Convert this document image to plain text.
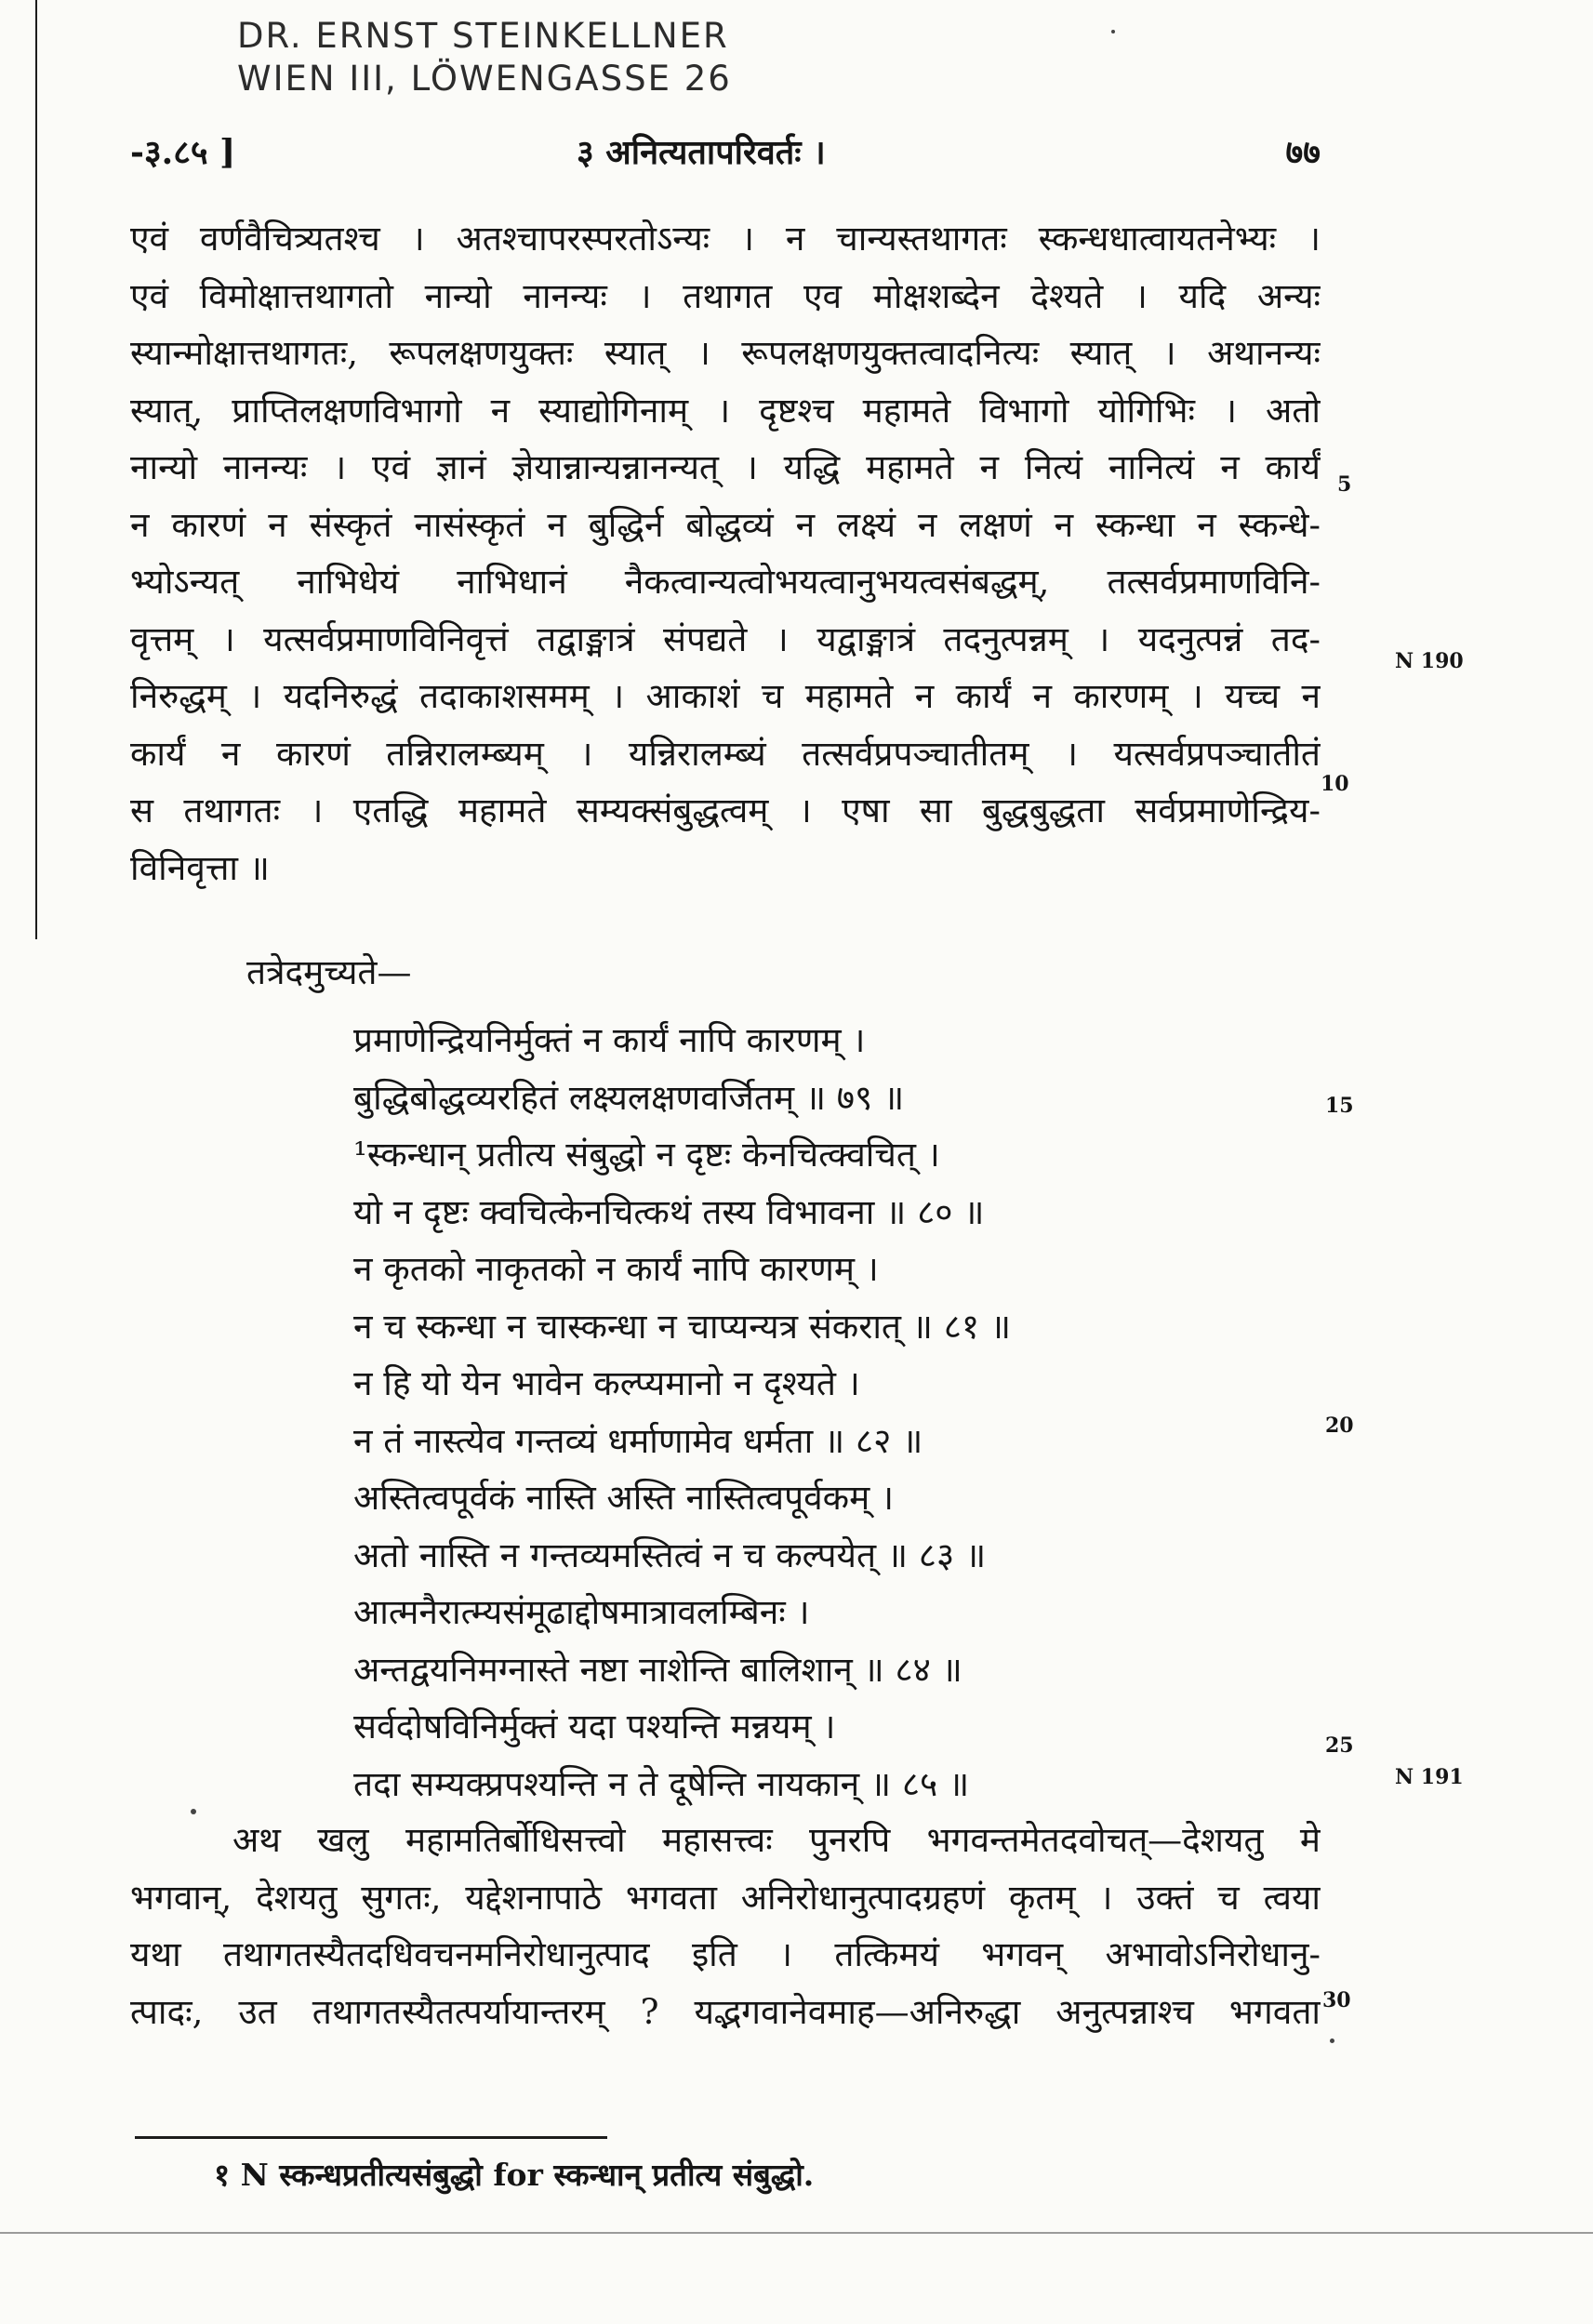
DR. ERNST STEINKELLNER
WIEN III, LÖWENGASSE 26
-३.८५ ]	३ अनित्यतापरिवर्तः ।	७७
एवं वर्णवैचित्र्यतश्च । अतश्चापरस्परतोऽन्यः । न चान्यस्तथागतः स्कन्धधात्वायतनेभ्यः ।
एवं विमोक्षात्तथागतो नान्यो नानन्यः । तथागत एव मोक्षशब्देन देश्यते । यदि अन्यः
स्यान्मोक्षात्तथागतः, रूपलक्षणयुक्तः स्यात् । रूपलक्षणयुक्तत्वादनित्यः स्यात् । अथानन्यः
स्यात्, प्राप्तिलक्षणविभागो न स्याद्योगिनाम् । दृष्टश्च महामते विभागो योगिभिः । अतो
नान्यो नानन्यः । एवं ज्ञानं ज्ञेयान्नान्यन्नानन्यत् । यद्धि महामते न नित्यं नानित्यं न कार्यं
न कारणं न संस्कृतं नासंस्कृतं न बुद्धिर्न बोद्धव्यं न लक्ष्यं न लक्षणं न स्कन्धा न स्कन्धे-
भ्योऽन्यत् नाभिधेयं नाभिधानं नैकत्वान्यत्वोभयत्वानुभयत्वसंबद्धम्, तत्सर्वप्रमाणविनि-
वृत्तम् । यत्सर्वप्रमाणविनिवृत्तं तद्वाङ्मात्रं संपद्यते । यद्वाङ्मात्रं तदनुत्पन्नम् । यदनुत्पन्नं तद-
निरुद्धम् । यदनिरुद्धं तदाकाशसमम् । आकाशं च महामते न कार्यं न कारणम् । यच्च न
कार्यं न कारणं तन्निरालम्ब्यम् । यन्निरालम्ब्यं तत्सर्वप्रपञ्चातीतम् । यत्सर्वप्रपञ्चातीतं
स तथागतः । एतद्धि महामते सम्यक्संबुद्धत्वम् । एषा सा बुद्धबुद्धता सर्वप्रमाणेन्द्रिय-
विनिवृत्ता ॥
तत्रेदमुच्यते—
प्रमाणेन्द्रियनिर्मुक्तं न कार्यं नापि कारणम् ।
बुद्धिबोद्धव्यरहितं लक्ष्यलक्षणवर्जितम् ॥ ७९ ॥
¹स्कन्धान् प्रतीत्य संबुद्धो न दृष्टः केनचित्क्वचित् ।
यो न दृष्टः क्वचित्केनचित्कथं तस्य विभावना ॥ ८० ॥
न कृतको नाकृतको न कार्यं नापि कारणम् ।
न च स्कन्धा न चास्कन्धा न चाप्यन्यत्र संकरात् ॥ ८१ ॥
न हि यो येन भावेन कल्प्यमानो न दृश्यते ।
न तं नास्त्येव गन्तव्यं धर्माणामेव धर्मता ॥ ८२ ॥
अस्तित्वपूर्वकं नास्ति अस्ति नास्तित्वपूर्वकम् ।
अतो नास्ति न गन्तव्यमस्तित्वं न च कल्पयेत् ॥ ८३ ॥
आत्मनैरात्म्यसंमूढाद्दोषमात्रावलम्बिनः ।
अन्तद्वयनिमग्नास्ते नष्टा नाशेन्ति बालिशान् ॥ ८४ ॥
सर्वदोषविनिर्मुक्तं यदा पश्यन्ति मन्नयम् ।
तदा सम्यक्प्रपश्यन्ति न ते दूषेन्ति नायकान् ॥ ८५ ॥
अथ खलु महामतिर्बोधिसत्त्वो महासत्त्वः पुनरपि भगवन्तमेतदवोचत्—देशयतु मे
भगवान्, देशयतु सुगतः, यद्देशनापाठे भगवता अनिरोधानुत्पादग्रहणं कृतम् । उक्तं च त्वया
यथा तथागतस्यैतदधिवचनमनिरोधानुत्पाद इति । तत्किमयं भगवन् अभावोऽनिरोधानु-
त्पादः, उत तथागतस्यैतत्पर्यायान्तरम् ? यद्भगवानेवमाह—अनिरुद्धा अनुत्पन्नाश्च भगवता
5
10
15
20
25
30
N 190
N 191
१ N स्कन्धप्रतीत्यसंबुद्धो for स्कन्धान् प्रतीत्य संबुद्धो.
